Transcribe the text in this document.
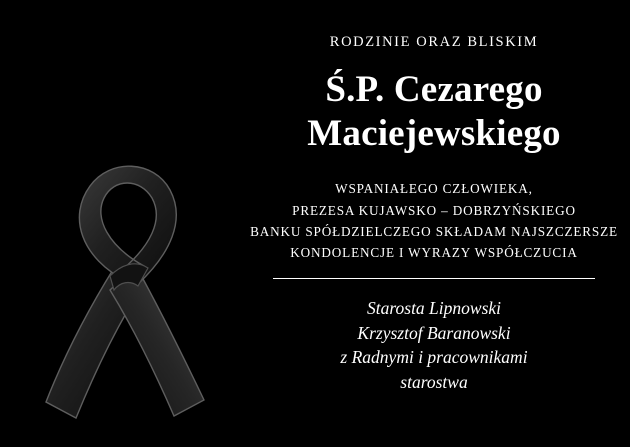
RODZINIE ORAZ BLISKIM
Ś.P. Cezarego
Maciejewskiego
WSPANIAŁEGO CZŁOWIEKA,
PREZESA KUJAWSKO – DOBRZYŃSKIEGO
BANKU SPÓŁDZIELCZEGO SKŁADAM NAJSZCZERSZE
KONDOLENCJE I WYRAZY WSPÓŁCZUCIA
Starosta Lipnowski
Krzysztof Baranowski
z Radnymi i pracownikami
starostwa
